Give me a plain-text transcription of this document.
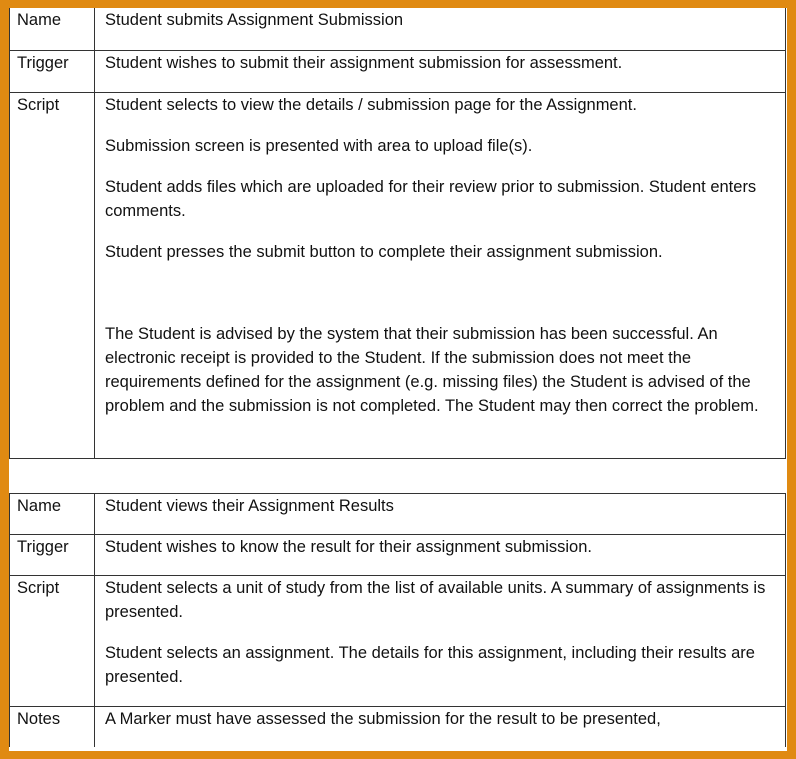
Name	Student submits Assignment Submission

Trigger	Student wishes to submit their assignment submission for assessment.

Script	Student selects to view the details / submission page for the Assignment.
Submission screen is presented with area to upload file(s).
Student adds files which are uploaded for their review prior to submission. Student enters comments.
Student presses the submit button to complete their assignment submission.
The Student is advised by the system that their submission has been successful. An electronic receipt is provided to the Student. If the submission does not meet the requirements defined for the assignment (e.g. missing files) the Student is advised of the problem and the submission is not completed. The Student may then correct the problem.
Name	Student views their Assignment Results

Trigger	Student wishes to know the result for their assignment submission.

Script	Student selects a unit of study from the list of available units. A summary of assignments is presented.
Student selects an assignment. The details for this assignment, including their results are presented.

Notes	A Marker must have assessed the submission for the result to be presented,
